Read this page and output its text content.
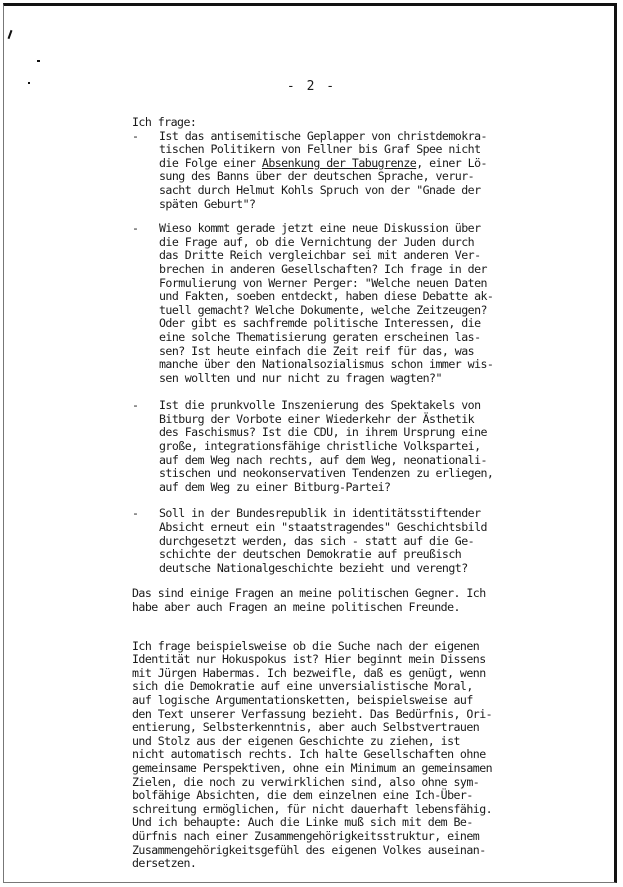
- 2 -

Ich frage:

-	Ist das antisemitische Geplapper von christdemokra-
tischen Politikern von Fellner bis Graf Spee nicht
die Folge einer Absenkung der Tabugrenze, einer Lö-
sung des Banns über der deutschen Sprache, verur-
sacht durch Helmut Kohls Spruch von der "Gnade der
späten Geburt"?
-	Wieso kommt gerade jetzt eine neue Diskussion über
die Frage auf, ob die Vernichtung der Juden durch
das Dritte Reich vergleichbar sei mit anderen Ver-
brechen in anderen Gesellschaften? Ich frage in der
Formulierung von Werner Perger: "Welche neuen Daten
und Fakten, soeben entdeckt, haben diese Debatte ak-
tuell gemacht? Welche Dokumente, welche Zeitzeugen?
Oder gibt es sachfremde politische Interessen, die
eine solche Thematisierung geraten erscheinen las-
sen? Ist heute einfach die Zeit reif für das, was
manche über den Nationalsozialismus schon immer wis-
sen wollten und nur nicht zu fragen wagten?"
-	Ist die prunkvolle Inszenierung des Spektakels von
Bitburg der Vorbote einer Wiederkehr der Ästhetik
des Faschismus? Ist die CDU, in ihrem Ursprung eine
große, integrationsfähige christliche Volkspartei,
auf dem Weg nach rechts, auf dem Weg, neonationali-
stischen und neokonservativen Tendenzen zu erliegen,
auf dem Weg zu einer Bitburg-Partei?
-	Soll in der Bundesrepublik in identitätsstiftender
Absicht erneut ein "staatstragendes" Geschichtsbild
durchgesetzt werden, das sich - statt auf die Ge-
schichte der deutschen Demokratie auf preußisch
deutsche Nationalgeschichte bezieht und verengt?
Das sind einige Fragen an meine politischen Gegner. Ich
habe aber auch Fragen an meine politischen Freunde.
Ich frage beispielsweise ob die Suche nach der eigenen
Identität nur Hokuspokus ist? Hier beginnt mein Dissens
mit Jürgen Habermas. Ich bezweifle, daß es genügt, wenn
sich die Demokratie auf eine unversialistische Moral,
auf logische Argumentationsketten, beispielsweise auf
den Text unserer Verfassung bezieht. Das Bedürfnis, Ori-
entierung, Selbsterkenntnis, aber auch Selbstvertrauen
und Stolz aus der eigenen Geschichte zu ziehen, ist
nicht automatisch rechts. Ich halte Gesellschaften ohne
gemeinsame Perspektiven, ohne ein Minimum an gemeinsamen
Zielen, die noch zu verwirklichen sind, also ohne sym-
bolfähige Absichten, die dem einzelnen eine Ich-Über-
schreitung ermöglichen, für nicht dauerhaft lebensfähig.
Und ich behaupte: Auch die Linke muß sich mit dem Be-
dürfnis nach einer Zusammengehörigkeitsstruktur, einem
Zusammengehörigkeitsgefühl des eigenen Volkes auseinan-
dersetzen.
